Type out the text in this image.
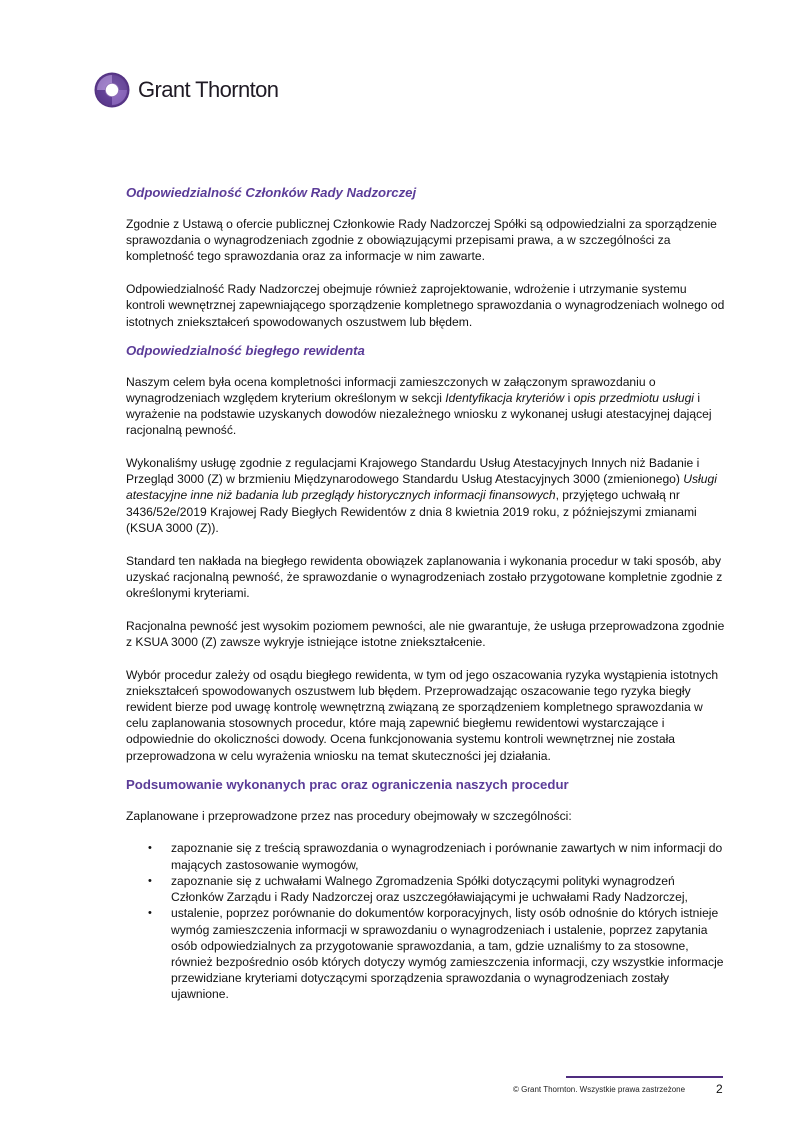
Grant Thornton
Odpowiedzialność Członków Rady Nadzorczej

Zgodnie z Ustawą o ofercie publicznej Członkowie Rady Nadzorczej Spółki są odpowiedzialni za sporządzenie sprawozdania o wynagrodzeniach zgodnie z obowiązującymi przepisami prawa, a w szczególności za kompletność tego sprawozdania oraz za informacje w nim zawarte.

Odpowiedzialność Rady Nadzorczej obejmuje również zaprojektowanie, wdrożenie i utrzymanie systemu kontroli wewnętrznej zapewniającego sporządzenie kompletnego sprawozdania o wynagrodzeniach wolnego od istotnych zniekształceń spowodowanych oszustwem lub błędem.

Odpowiedzialność biegłego rewidenta

Naszym celem była ocena kompletności informacji zamieszczonych w załączonym sprawozdaniu o wynagrodzeniach względem kryterium określonym w sekcji Identyfikacja kryteriów i opis przedmiotu usługi i wyrażenie na podstawie uzyskanych dowodów niezależnego wniosku z wykonanej usługi atestacyjnej dającej racjonalną pewność.

Wykonaliśmy usługę zgodnie z regulacjami Krajowego Standardu Usług Atestacyjnych Innych niż Badanie i Przegląd 3000 (Z) w brzmieniu Międzynarodowego Standardu Usług Atestacyjnych 3000 (zmienionego) Usługi atestacyjne inne niż badania lub przeglądy historycznych informacji finansowych, przyjętego uchwałą nr 3436/52e/2019 Krajowej Rady Biegłych Rewidentów z dnia 8 kwietnia 2019 roku, z późniejszymi zmianami (KSUA 3000 (Z)).

Standard ten nakłada na biegłego rewidenta obowiązek zaplanowania i wykonania procedur w taki sposób, aby uzyskać racjonalną pewność, że sprawozdanie o wynagrodzeniach zostało przygotowane kompletnie zgodnie z określonymi kryteriami.

Racjonalna pewność jest wysokim poziomem pewności, ale nie gwarantuje, że usługa przeprowadzona zgodnie z KSUA 3000 (Z) zawsze wykryje istniejące istotne zniekształcenie.

Wybór procedur zależy od osądu biegłego rewidenta, w tym od jego oszacowania ryzyka wystąpienia istotnych zniekształceń spowodowanych oszustwem lub błędem. Przeprowadzając oszacowanie tego ryzyka biegły rewident bierze pod uwagę kontrolę wewnętrzną związaną ze sporządzeniem kompletnego sprawozdania w celu zaplanowania stosownych procedur, które mają zapewnić biegłemu rewidentowi wystarczające i odpowiednie do okoliczności dowody. Ocena funkcjonowania systemu kontroli wewnętrznej nie została przeprowadzona w celu wyrażenia wniosku na temat skuteczności jej działania.

Podsumowanie wykonanych prac oraz ograniczenia naszych procedur

Zaplanowane i przeprowadzone przez nas procedury obejmowały w szczególności:

• zapoznanie się z treścią sprawozdania o wynagrodzeniach i porównanie zawartych w nim informacji do mających zastosowanie wymogów,
• zapoznanie się z uchwałami Walnego Zgromadzenia Spółki dotyczącymi polityki wynagrodzeń Członków Zarządu i Rady Nadzorczej oraz uszczegóławiającymi je uchwałami Rady Nadzorczej,
• ustalenie, poprzez porównanie do dokumentów korporacyjnych, listy osób odnośnie do których istnieje wymóg zamieszczenia informacji w sprawozdaniu o wynagrodzeniach i ustalenie, poprzez zapytania osób odpowiedzialnych za przygotowanie sprawozdania, a tam, gdzie uznaliśmy to za stosowne, również bezpośrednio osób których dotyczy wymóg zamieszczenia informacji, czy wszystkie informacje przewidziane kryteriami dotyczącymi sporządzenia sprawozdania o wynagrodzeniach zostały ujawnione.
© Grant Thornton. Wszystkie prawa zastrzeżone	2
